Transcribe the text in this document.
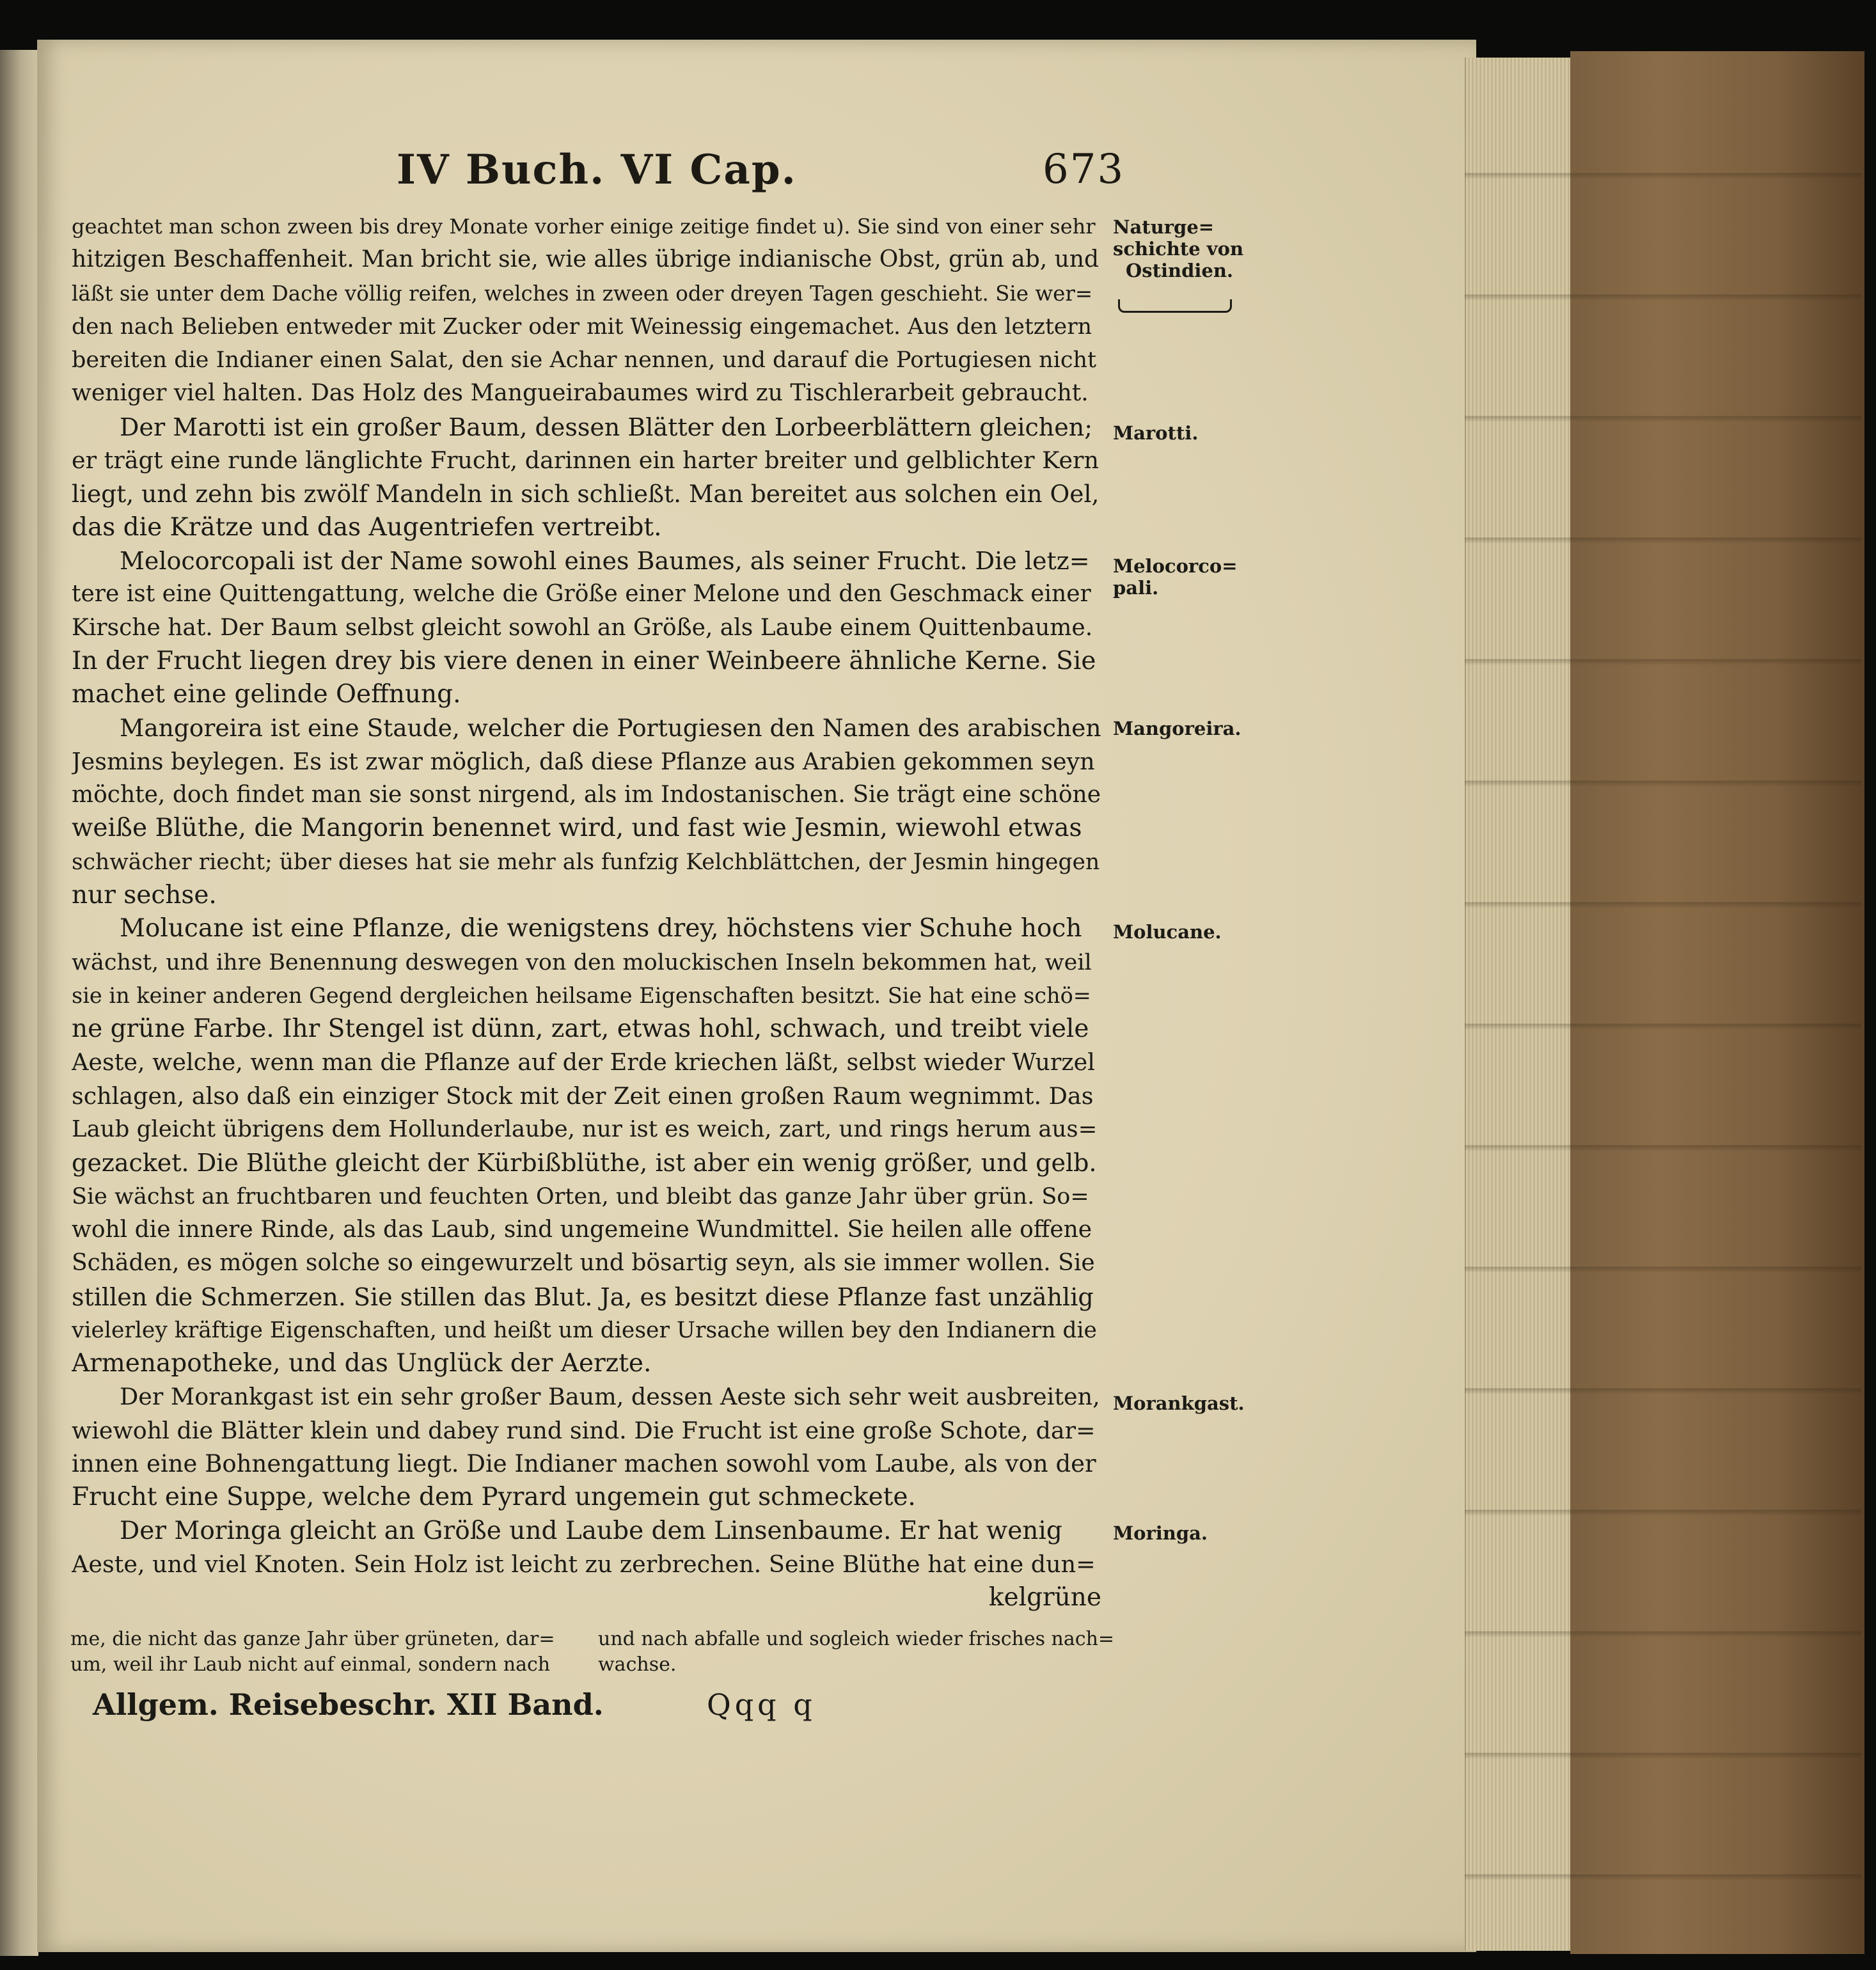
IV Buch. VI Cap.	673
geachtet man schon zween bis drey Monate vorher einige zeitige findet u). Sie sind von einer sehr
hitzigen Beschaffenheit. Man bricht sie, wie alles übrige indianische Obst, grün ab, und
läßt sie unter dem Dache völlig reifen, welches in zween oder dreyen Tagen geschieht. Sie wer=
den nach Belieben entweder mit Zucker oder mit Weinessig eingemachet. Aus den letztern
bereiten die Indianer einen Salat, den sie Achar nennen, und darauf die Portugiesen nicht
weniger viel halten. Das Holz des Mangueirabaumes wird zu Tischlerarbeit gebraucht.
Der Marotti ist ein großer Baum, dessen Blätter den Lorbeerblättern gleichen;
er trägt eine runde länglichte Frucht, darinnen ein harter breiter und gelblichter Kern
liegt, und zehn bis zwölf Mandeln in sich schließt. Man bereitet aus solchen ein Oel,
das die Krätze und das Augentriefen vertreibt.
Melocorcopali ist der Name sowohl eines Baumes, als seiner Frucht. Die letz=
tere ist eine Quittengattung, welche die Größe einer Melone und den Geschmack einer
Kirsche hat. Der Baum selbst gleicht sowohl an Größe, als Laube einem Quittenbaume.
In der Frucht liegen drey bis viere denen in einer Weinbeere ähnliche Kerne. Sie
machet eine gelinde Oeffnung.
Mangoreira ist eine Staude, welcher die Portugiesen den Namen des arabischen
Jesmins beylegen. Es ist zwar möglich, daß diese Pflanze aus Arabien gekommen seyn
möchte, doch findet man sie sonst nirgend, als im Indostanischen. Sie trägt eine schöne
weiße Blüthe, die Mangorin benennet wird, und fast wie Jesmin, wiewohl etwas
schwächer riecht; über dieses hat sie mehr als funfzig Kelchblättchen, der Jesmin hingegen
nur sechse.
Molucane ist eine Pflanze, die wenigstens drey, höchstens vier Schuhe hoch
wächst, und ihre Benennung deswegen von den moluckischen Inseln bekommen hat, weil
sie in keiner anderen Gegend dergleichen heilsame Eigenschaften besitzt. Sie hat eine schö=
ne grüne Farbe. Ihr Stengel ist dünn, zart, etwas hohl, schwach, und treibt viele
Aeste, welche, wenn man die Pflanze auf der Erde kriechen läßt, selbst wieder Wurzel
schlagen, also daß ein einziger Stock mit der Zeit einen großen Raum wegnimmt. Das
Laub gleicht übrigens dem Hollunderlaube, nur ist es weich, zart, und rings herum aus=
gezacket. Die Blüthe gleicht der Kürbißblüthe, ist aber ein wenig größer, und gelb.
Sie wächst an fruchtbaren und feuchten Orten, und bleibt das ganze Jahr über grün. So=
wohl die innere Rinde, als das Laub, sind ungemeine Wundmittel. Sie heilen alle offene
Schäden, es mögen solche so eingewurzelt und bösartig seyn, als sie immer wollen. Sie
stillen die Schmerzen. Sie stillen das Blut. Ja, es besitzt diese Pflanze fast unzählig
vielerley kräftige Eigenschaften, und heißt um dieser Ursache willen bey den Indianern die
Armenapotheke, und das Unglück der Aerzte.
Der Morankgast ist ein sehr großer Baum, dessen Aeste sich sehr weit ausbreiten,
wiewohl die Blätter klein und dabey rund sind. Die Frucht ist eine große Schote, dar=
innen eine Bohnengattung liegt. Die Indianer machen sowohl vom Laube, als von der
Frucht eine Suppe, welche dem Pyrard ungemein gut schmeckete.
Der Moringa gleicht an Größe und Laube dem Linsenbaume. Er hat wenig
Aeste, und viel Knoten. Sein Holz ist leicht zu zerbrechen. Seine Blüthe hat eine dun=
kelgrüne
Naturge=
schichte von
Ostindien.
Marotti.
Melocorco=
pali.
Mangoreira.
Molucane.
Morankgast.
Moringa.
me, die nicht das ganze Jahr über grüneten, dar=
um, weil ihr Laub nicht auf einmal, sondern nach
und nach abfalle und sogleich wieder frisches nach=
wachse.
Allgem. Reisebeschr. XII Band.	Qqq q
